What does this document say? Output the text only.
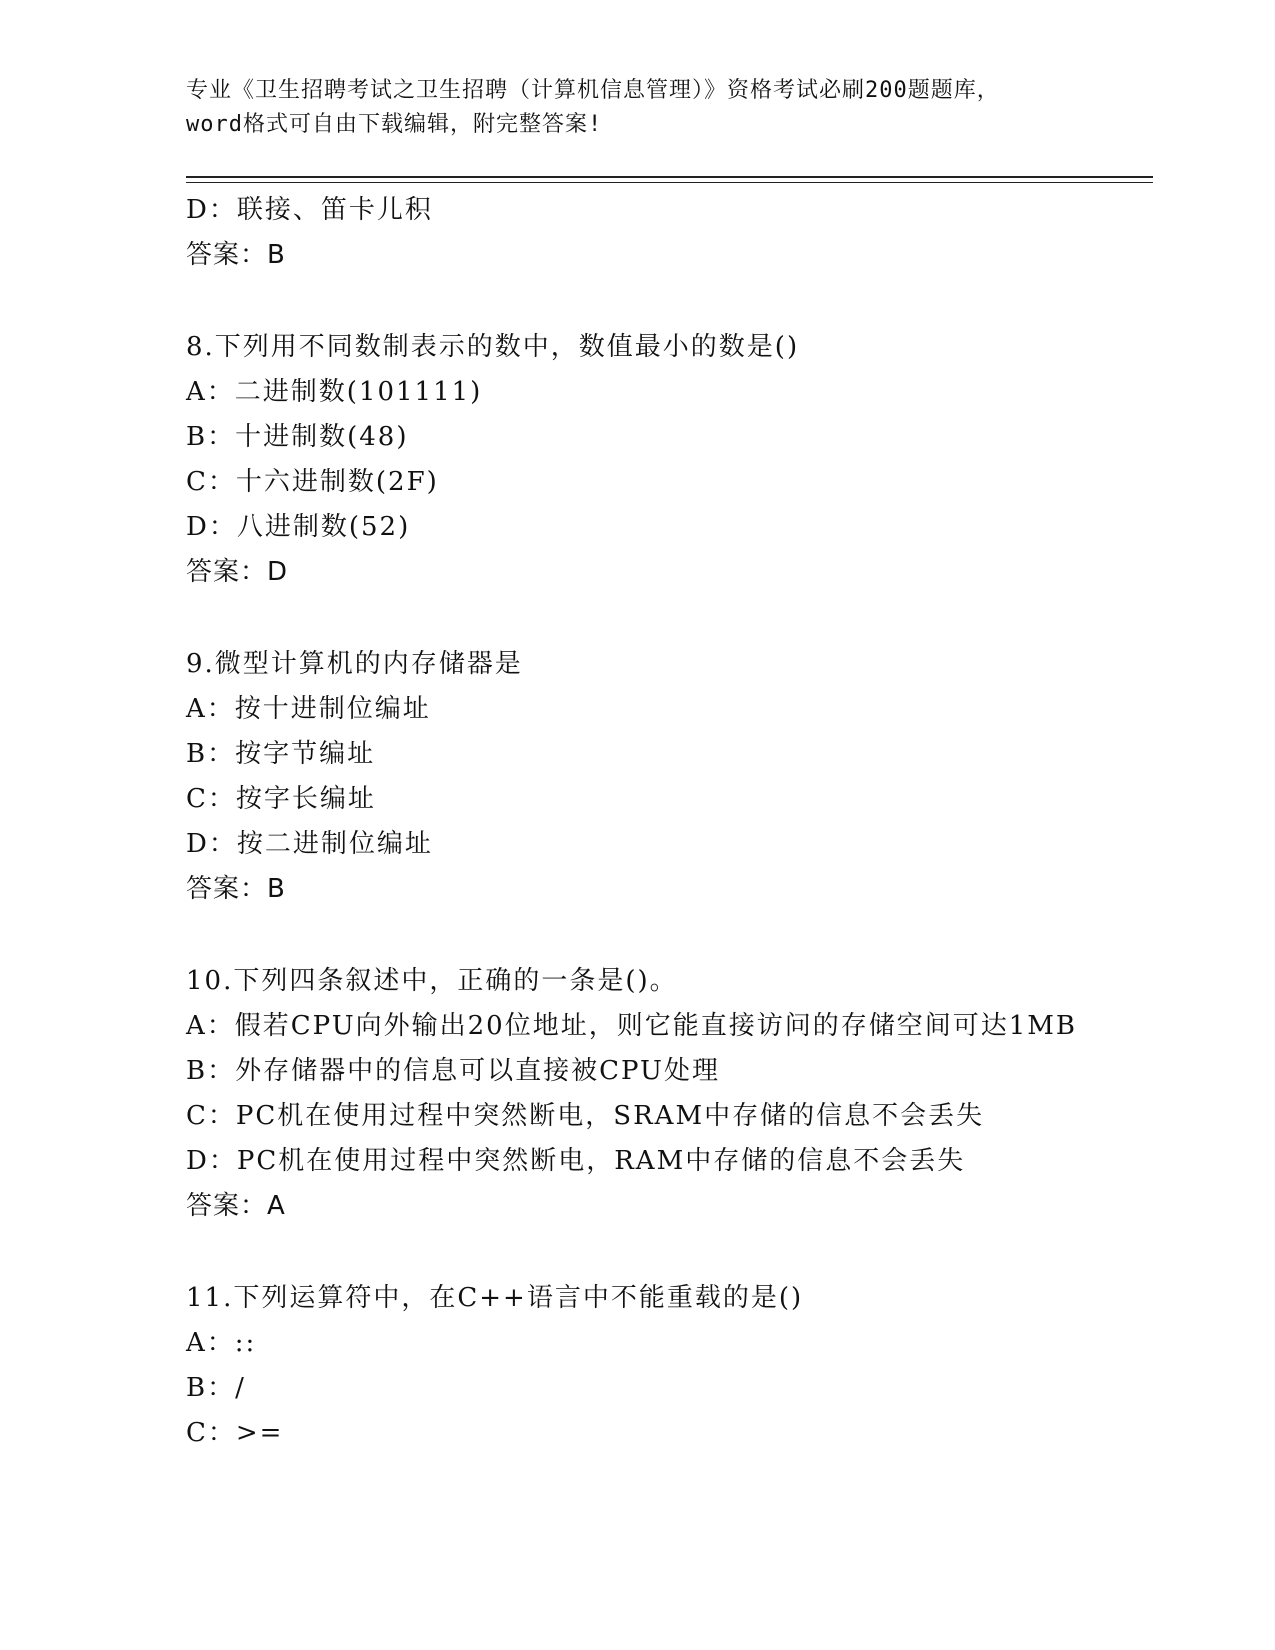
专业《卫生招聘考试之卫生招聘（计算机信息管理）》资格考试必刷200题题库，
word格式可自由下载编辑，附完整答案!
D：联接、笛卡儿积
答案：B
8.下列用不同数制表示的数中，数值最小的数是()
A：二进制数(101111)
B：十进制数(48)
C：十六进制数(2F)
D：八进制数(52)
答案：D
9.微型计算机的内存储器是
A：按十进制位编址
B：按字节编址
C：按字长编址
D：按二进制位编址
答案：B
10.下列四条叙述中，正确的一条是()。
A：假若CPU向外输出20位地址，则它能直接访问的存储空间可达1MB
B：外存储器中的信息可以直接被CPU处理
C：PC机在使用过程中突然断电，SRAM中存储的信息不会丢失
D：PC机在使用过程中突然断电，RAM中存储的信息不会丢失
答案：A
11.下列运算符中，在C++语言中不能重载的是()
A：::
B：/
C：>=
